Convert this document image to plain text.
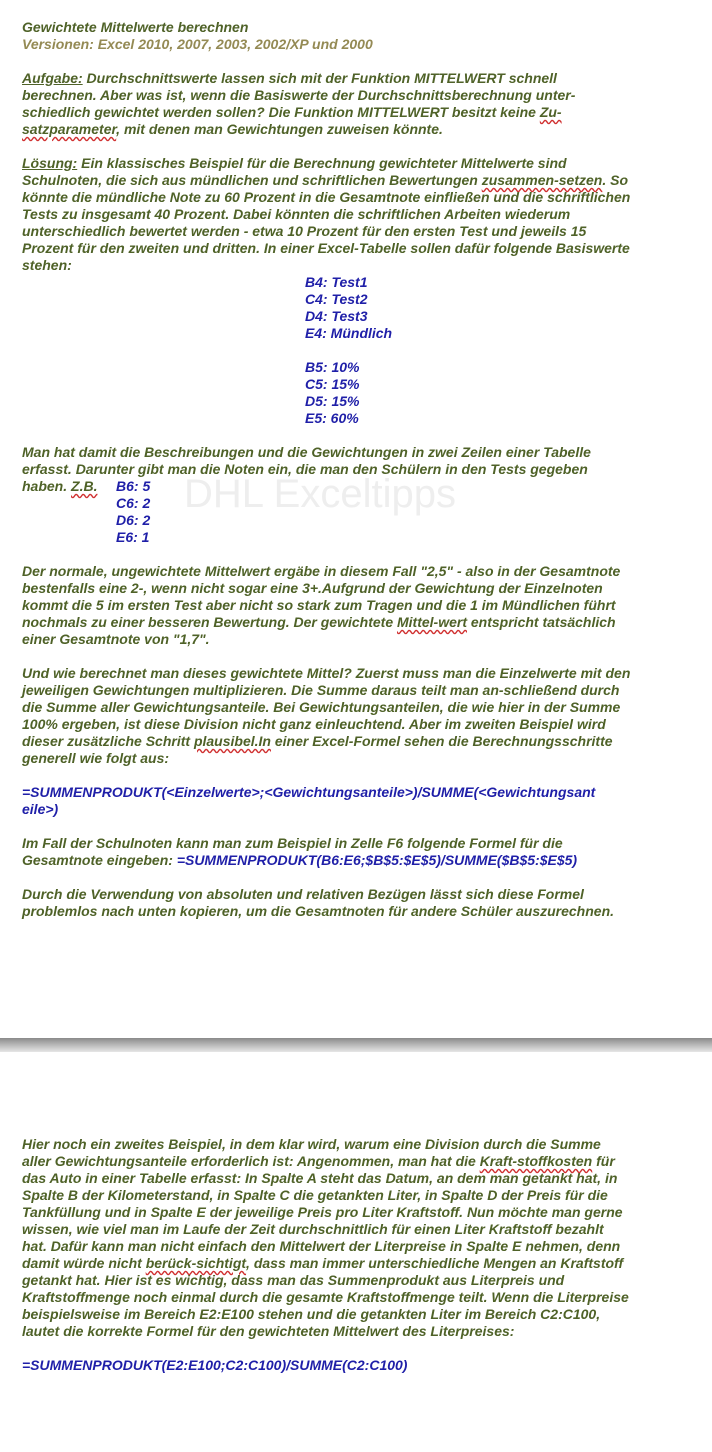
DHL Exceltipps

Gewichtete Mittelwerte berechnen

Versionen: Excel 2010, 2007, 2003, 2002/XP und 2000

Aufgabe: Durchschnittswerte lassen sich mit der Funktion MITTELWERT schnell berechnen. Aber was ist, wenn die Basiswerte der Durchschnittsberechnung unter-schiedlich gewichtet werden sollen? Die Funktion MITTELWERT besitzt keine Zu-satzparameter, mit denen man Gewichtungen zuweisen könnte.

Lösung: Ein klassisches Beispiel für die Berechnung gewichteter Mittelwerte sind Schulnoten, die sich aus mündlichen und schriftlichen Bewertungen zusammen-setzen. So könnte die mündliche Note zu 60 Prozent in die Gesamtnote einfließen und die schriftlichen Tests zu insgesamt 40 Prozent. Dabei könnten die schriftlichen Arbeiten wiederum unterschiedlich bewertet werden - etwa 10 Prozent für den ersten Test und jeweils 15 Prozent für den zweiten und dritten. In einer Excel-Tabelle sollen dafür folgende Basiswerte stehen:

B4: Test1
C4: Test2
D4: Test3
E4: Mündlich
B5: 10%
C5: 15%
D5: 15%
E5: 60%

Man hat damit die Beschreibungen und die Gewichtungen in zwei Zeilen einer Tabelle erfasst. Darunter gibt man die Noten ein, die man den Schülern in den Tests gegeben haben. Z.B.	B6: 5
C6: 2
D6: 2
E6: 1

Der normale, ungewichtete Mittelwert ergäbe in diesem Fall "2,5" - also in der Gesamtnote bestenfalls eine 2-, wenn nicht sogar eine 3+.Aufgrund der Gewichtung der Einzelnoten kommt die 5 im ersten Test aber nicht so stark zum Tragen und die 1 im Mündlichen führt nochmals zu einer besseren Bewertung. Der gewichtete Mittel-wert entspricht tatsächlich einer Gesamtnote von "1,7".

Und wie berechnet man dieses gewichtete Mittel? Zuerst muss man die Einzelwerte mit den jeweiligen Gewichtungen multiplizieren. Die Summe daraus teilt man an-schließend durch die Summe aller Gewichtungsanteile. Bei Gewichtungsanteilen, die wie hier in der Summe 100% ergeben, ist diese Division nicht ganz einleuchtend. Aber im zweiten Beispiel wird dieser zusätzliche Schritt plausibel.In einer Excel-Formel sehen die Berechnungsschritte generell wie folgt aus:

=SUMMENPRODUKT(<Einzelwerte>;<Gewichtungsanteile>)/SUMME(<Gewichtungsant

eile>)

Im Fall der Schulnoten kann man zum Beispiel in Zelle F6 folgende Formel für die Gesamtnote eingeben: =SUMMENPRODUKT(B6:E6;$B$5:$E$5)/SUMME($B$5:$E$5)

Durch die Verwendung von absoluten und relativen Bezügen lässt sich diese Formel problemlos nach unten kopieren, um die Gesamtnoten für andere Schüler auszurechnen.

Hier noch ein zweites Beispiel, in dem klar wird, warum eine Division durch die Summe aller Gewichtungsanteile erforderlich ist: Angenommen, man hat die Kraft-stoffkosten für das Auto in einer Tabelle erfasst: In Spalte A steht das Datum, an dem man getankt hat, in Spalte B der Kilometerstand, in Spalte C die getankten Liter, in Spalte D der Preis für die Tankfüllung und in Spalte E der jeweilige Preis pro Liter Kraftstoff. Nun möchte man gerne wissen, wie viel man im Laufe der Zeit durchschnittlich für einen Liter Kraftstoff bezahlt hat. Dafür kann man nicht einfach den Mittelwert der Literpreise in Spalte E nehmen, denn damit würde nicht berück-sichtigt, dass man immer unterschiedliche Mengen an Kraftstoff getankt hat. Hier ist es wichtig, dass man das Summenprodukt aus Literpreis und Kraftstoffmenge noch einmal durch die gesamte Kraftstoffmenge teilt. Wenn die Literpreise beispielsweise im Bereich E2:E100 stehen und die getankten Liter im Bereich C2:C100, lautet die korrekte Formel für den gewichteten Mittelwert des Literpreises:

=SUMMENPRODUKT(E2:E100;C2:C100)/SUMME(C2:C100)
